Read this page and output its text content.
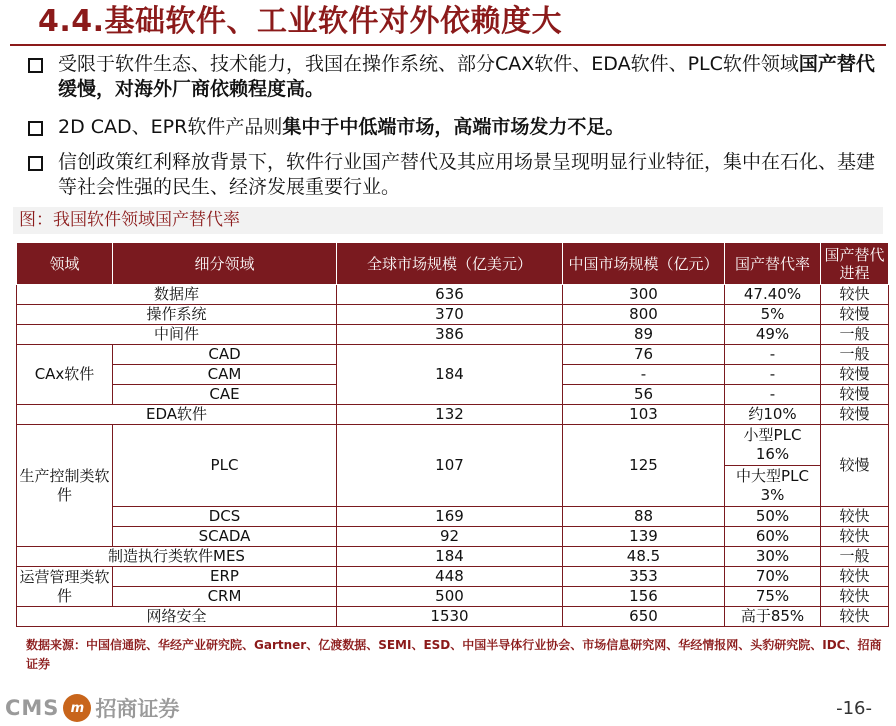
4.4.基础软件、工业软件对外依赖度大
受限于软件生态、技术能力，我国在操作系统、部分CAX软件、EDA软件、PLC软件领域国产替代缓慢，对海外厂商依赖程度高。
2D CAD、EPR软件产品则集中于中低端市场，高端市场发力不足。
信创政策红利释放背景下，软件行业国产替代及其应用场景呈现明显行业特征，集中在石化、基建等社会性强的民生、经济发展重要行业。
图：我国软件领域国产替代率
领域	细分领域	全球市场规模（亿美元）	中国市场规模（亿元）	国产替代率	国产替代进程
数据库		636	300	47.40%	较快
操作系统		370	800	5%	较慢
中间件		386	89	49%	一般
CAx软件	CAD	184	76	-	一般
	CAM		-	-	较慢
	CAE		56	-	较慢
EDA软件		132	103	约10%	较慢
生产控制类软件	PLC	107	125	小型PLC 16%	较慢
				中大型PLC 3%	
	DCS	169	88	50%	较快
	SCADA	92	139	60%	较快
制造执行类软件MES		184	48.5	30%	一般
运营管理类软件	ERP	448	353	70%	较快
	CRM	500	156	75%	较快
网络安全		1530	650	高于85%	较快
数据来源：中国信通院、华经产业研究院、Gartner、亿渡数据、SEMI、ESD、中国半导体行业协会、市场信息研究网、华经情报网、头豹研究院、IDC、招商证券
CMS m 招商证券	-16-
